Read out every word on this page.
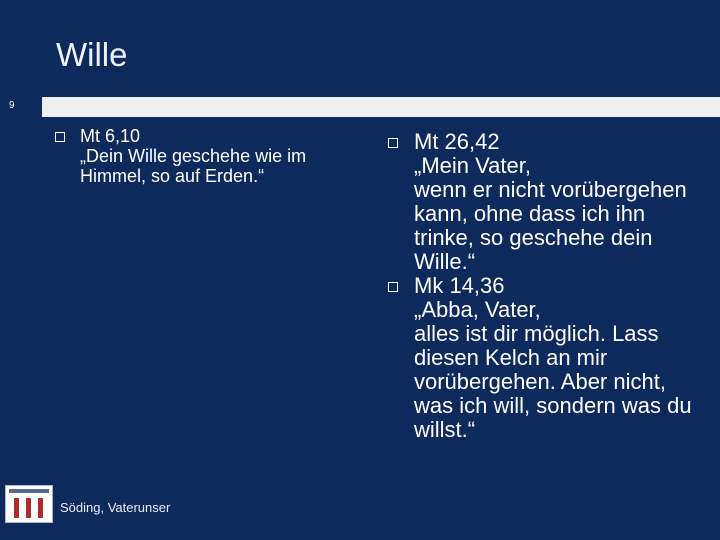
Wille
9
Mt 6,10
„Dein Wille geschehe wie im Himmel, so auf Erden.“
Mt 26,42
„Mein Vater,
wenn er nicht vorübergehen kann, ohne dass ich ihn trinke, so geschehe dein Wille.“
Mk 14,36
„Abba, Vater,
alles ist dir möglich. Lass diesen Kelch an mir vorübergehen. Aber nicht, was ich will, sondern was du willst.“
Söding, Vaterunser
